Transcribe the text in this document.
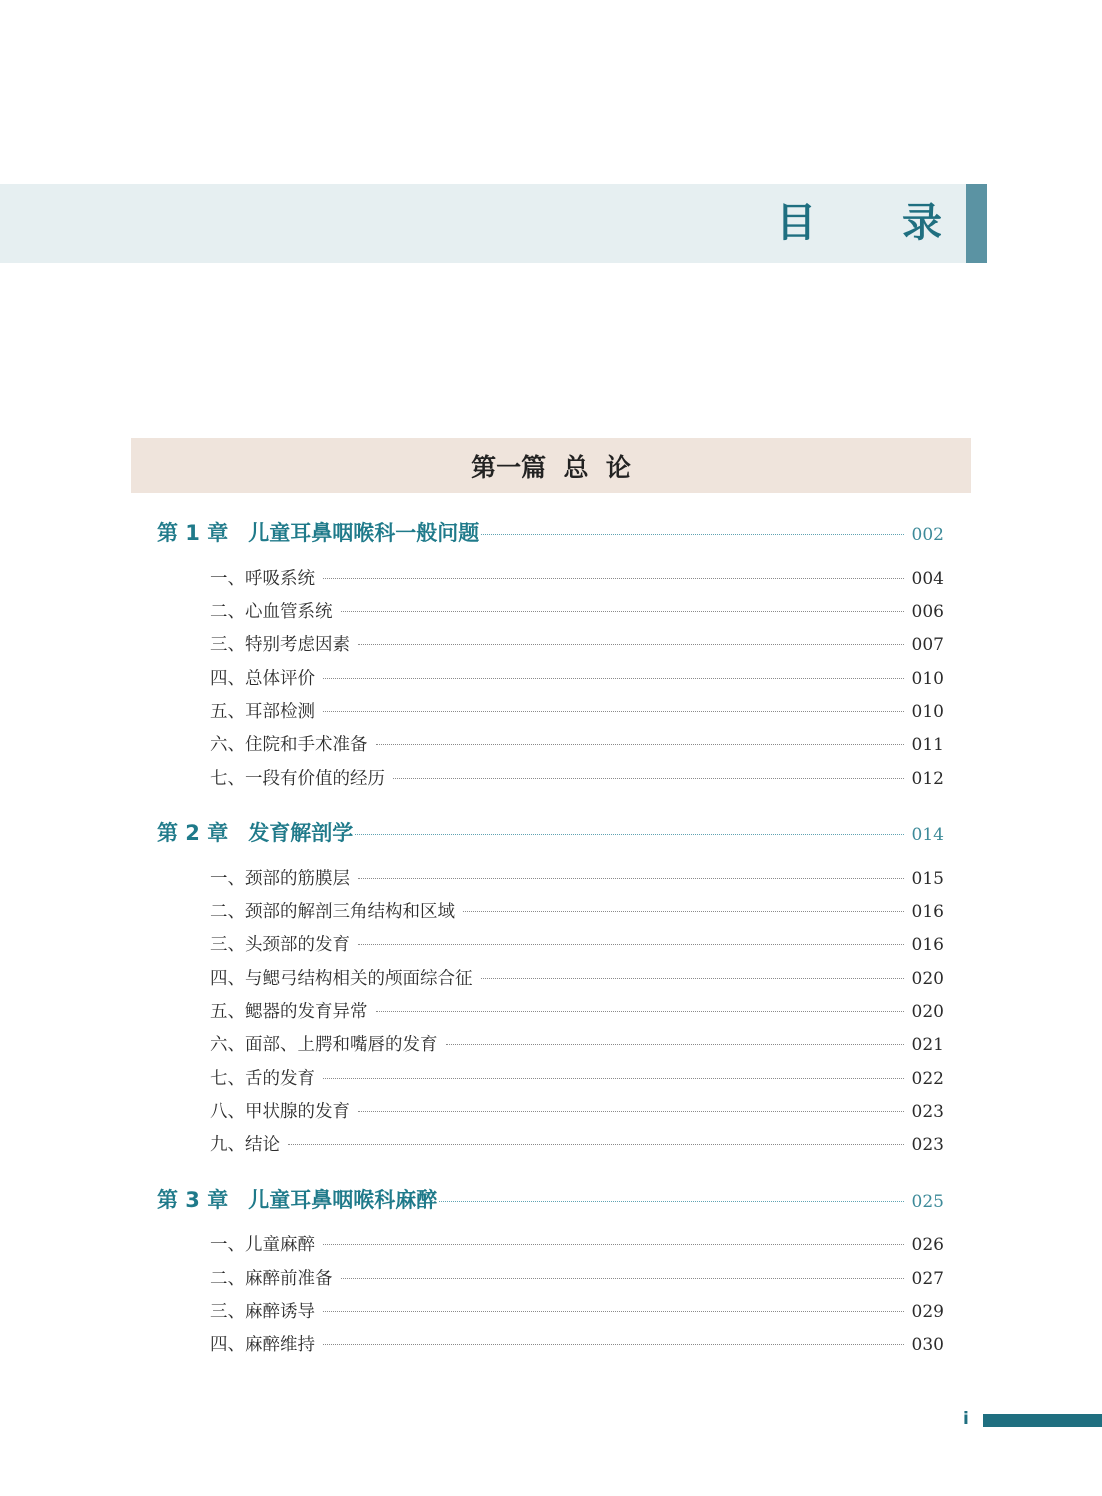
目 录
第一篇  总  论
第 1 章 儿童耳鼻咽喉科一般问题	002
一、呼吸系统	004
二、心血管系统	006
三、特别考虑因素	007
四、总体评价	010
五、耳部检测	010
六、住院和手术准备	011
七、一段有价值的经历	012
第 2 章 发育解剖学	014
一、颈部的筋膜层	015
二、颈部的解剖三角结构和区域	016
三、头颈部的发育	016
四、与鳃弓结构相关的颅面综合征	020
五、鳃器的发育异常	020
六、面部、上腭和嘴唇的发育	021
七、舌的发育	022
八、甲状腺的发育	023
九、结论	023
第 3 章 儿童耳鼻咽喉科麻醉	025
一、儿童麻醉	026
二、麻醉前准备	027
三、麻醉诱导	029
四、麻醉维持	030
i
